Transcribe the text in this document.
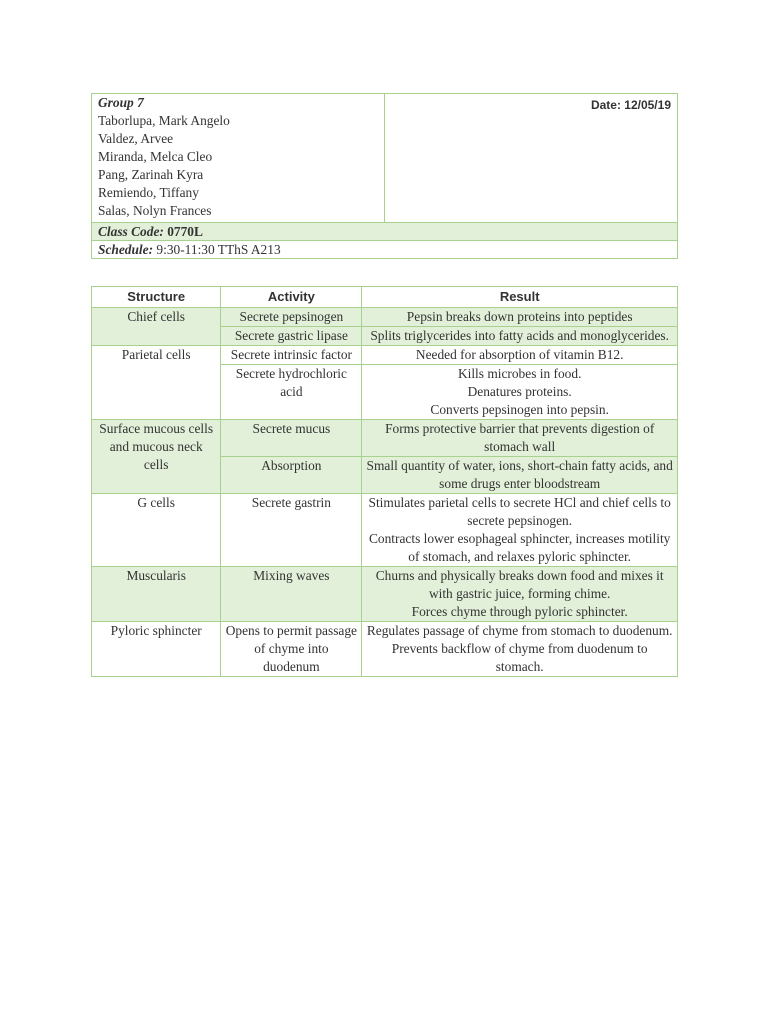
Group 7
Taborlupa, Mark Angelo
Valdez, Arvee
Miranda, Melca Cleo
Pang, Zarinah Kyra
Remiendo, Tiffany
Salas, Nolyn Frances
	Date: 12/05/19
Class Code: 0770L
Schedule: 9:30-11:30 TThS A213
Structure	Activity	Result
Chief cells	Secrete pepsinogen	Pepsin breaks down proteins into peptides

	Secrete gastric lipase	Splits triglycerides into fatty acids and monoglycerides.

Parietal cells	Secrete intrinsic factor	Needed for absorption of vitamin B12.

	Secrete hydrochloric acid	Kills microbes in food.
Denatures proteins.
Converts pepsinogen into pepsin.

Surface mucous cells and mucous neck cells	Secrete mucus	Forms protective barrier that prevents digestion of stomach wall

	Absorption	Small quantity of water, ions, short-chain fatty acids, and some drugs enter bloodstream

G cells	Secrete gastrin	Stimulates parietal cells to secrete HCl and chief cells to secrete pepsinogen.
Contracts lower esophageal sphincter, increases motility of stomach, and relaxes pyloric sphincter.

Muscularis	Mixing waves	Churns and physically breaks down food and mixes it with gastric juice, forming chime.
Forces chyme through pyloric sphincter.

Pyloric sphincter	Opens to permit passage of chyme into duodenum	Regulates passage of chyme from stomach to duodenum.
Prevents backflow of chyme from duodenum to stomach.
